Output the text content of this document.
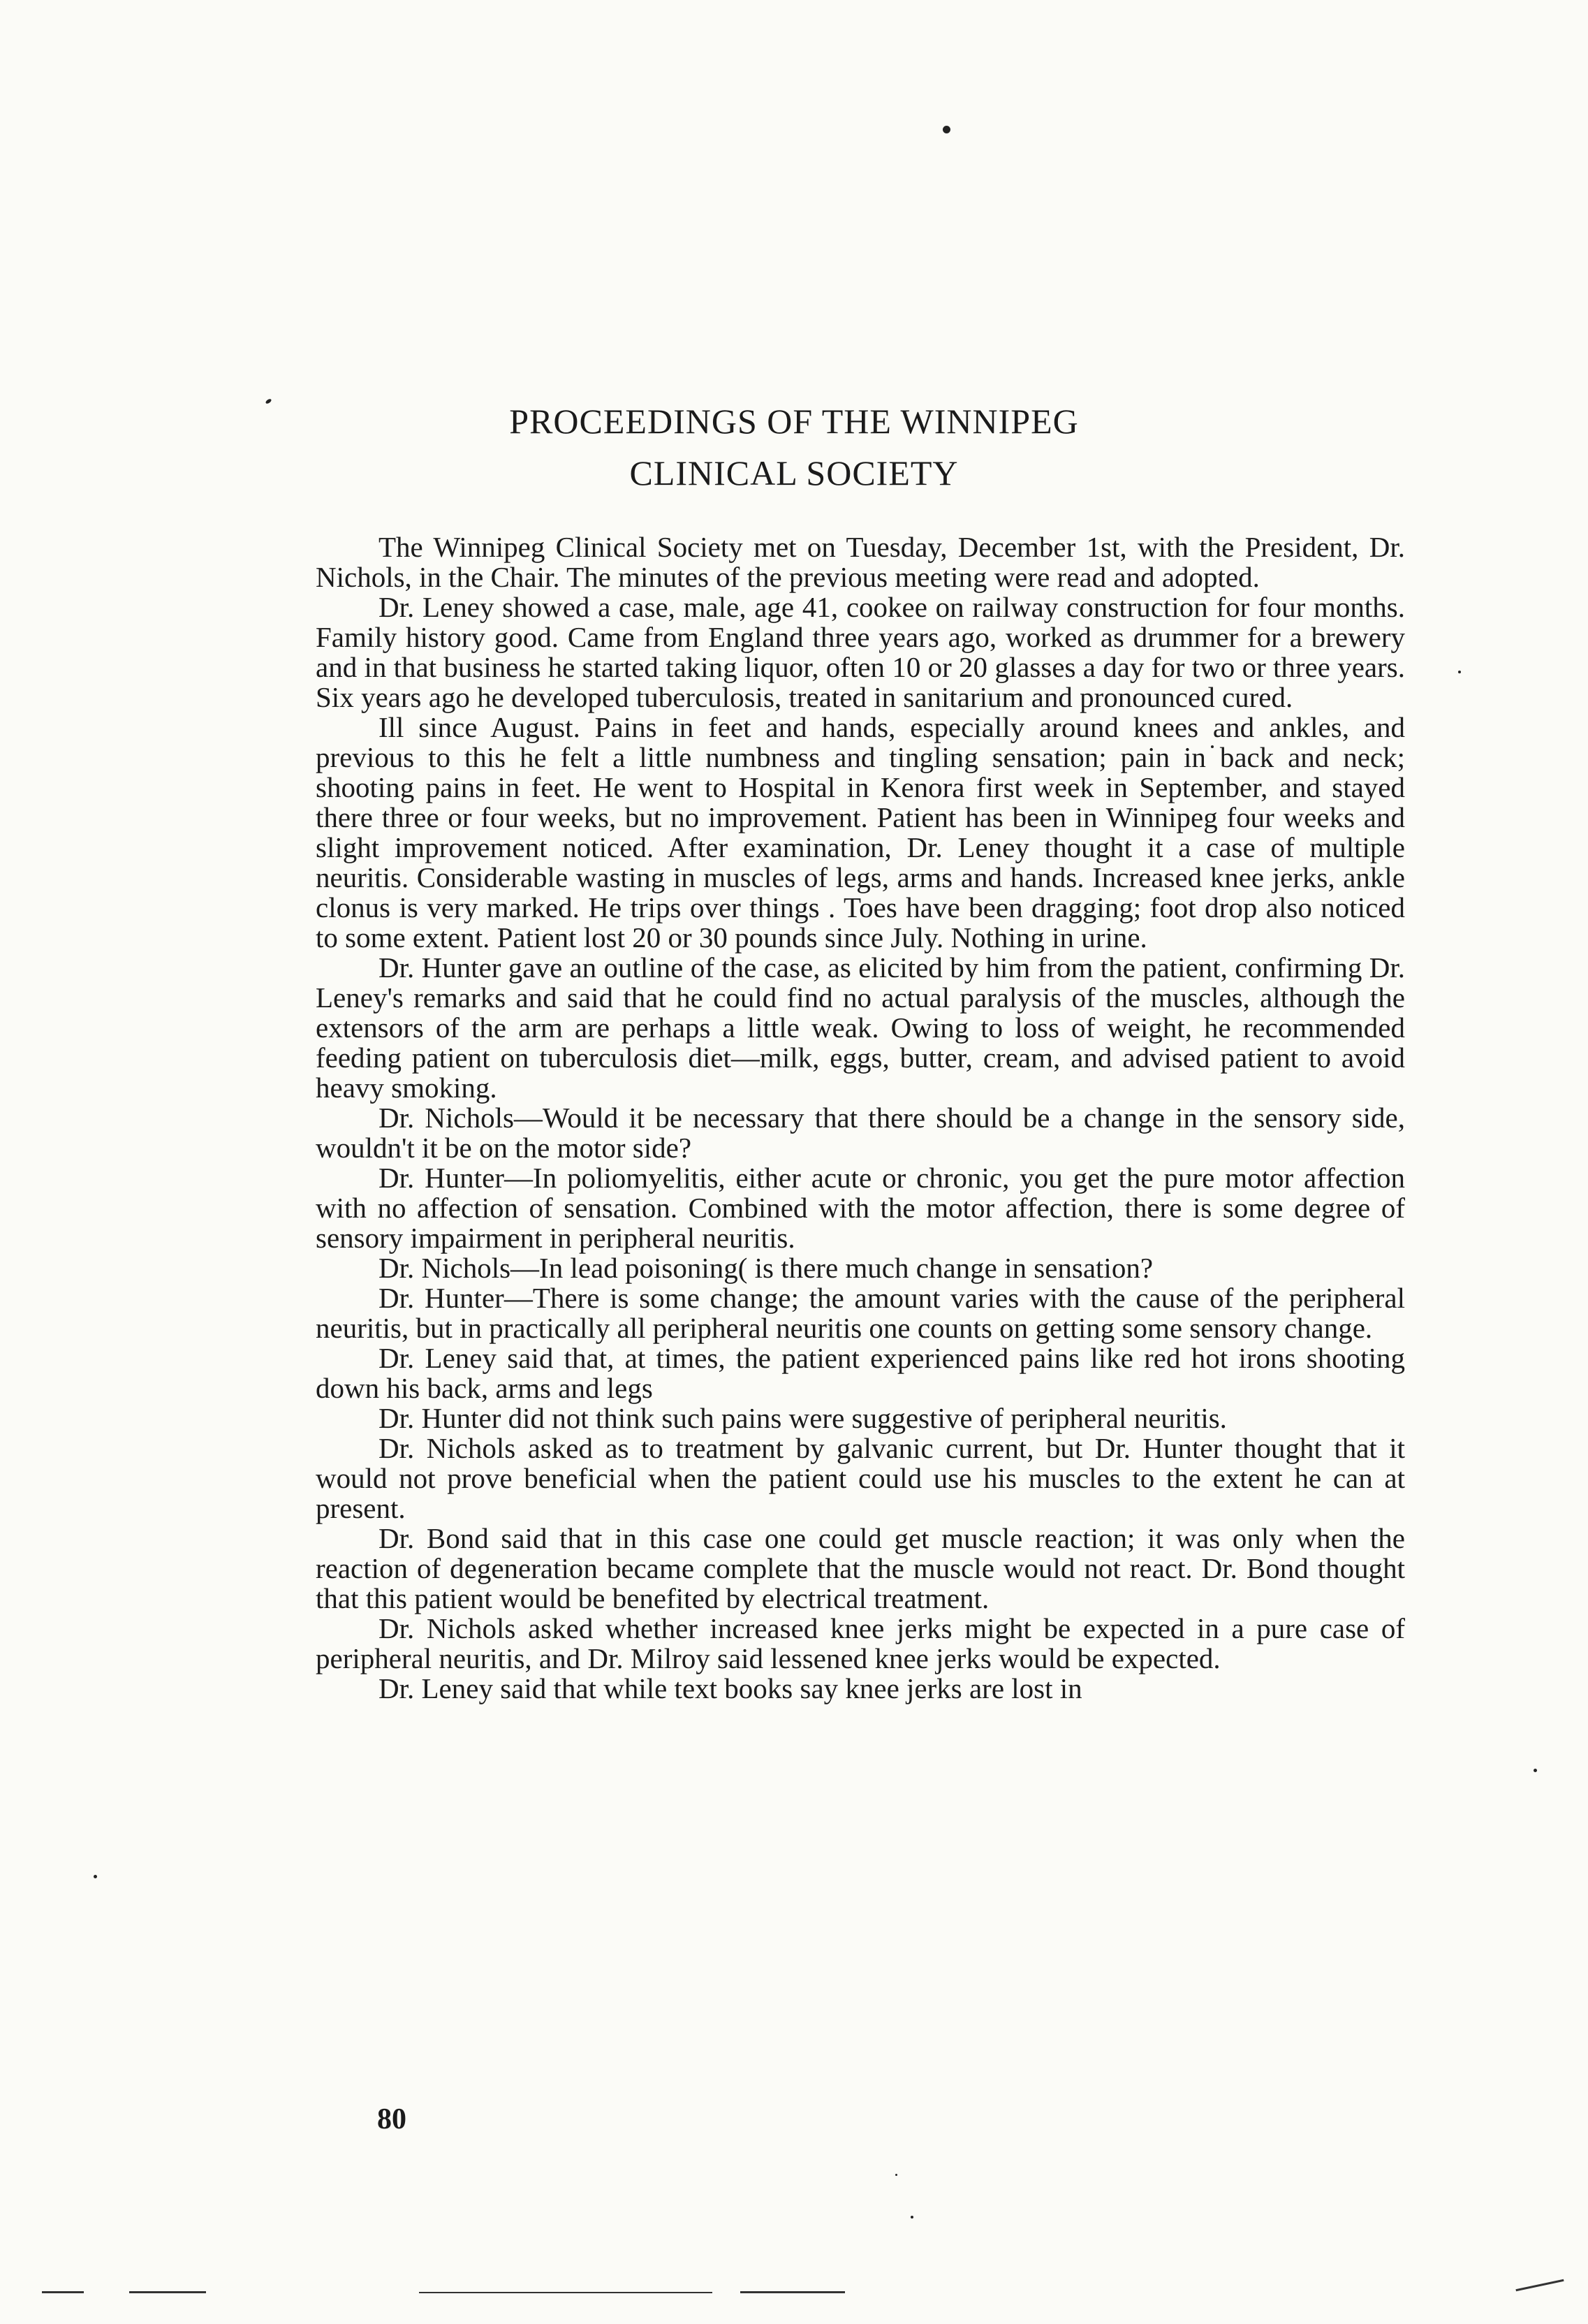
PROCEEDINGS OF THE WINNIPEG
CLINICAL SOCIETY

The Winnipeg Clinical Society met on Tuesday, December 1st, with the President, Dr. Nichols, in the Chair. The minutes of the previous meeting were read and adopted.

Dr. Leney showed a case, male, age 41, cookee on railway construction for four months. Family history good. Came from England three years ago, worked as drummer for a brewery and in that business he started taking liquor, often 10 or 20 glasses a day for two or three years. Six years ago he developed tuberculosis, treated in sanitarium and pronounced cured.

Ill since August. Pains in feet and hands, especially around knees and ankles, and previous to this he felt a little numbness and tingling sensation; pain in back and neck; shooting pains in feet. He went to Hospital in Kenora first week in September, and stayed there three or four weeks, but no improvement. Patient has been in Winnipeg four weeks and slight improvement noticed. After examination, Dr. Leney thought it a case of multiple neuritis. Considerable wasting in muscles of legs, arms and hands. Increased knee jerks, ankle clonus is very marked. He trips over things . Toes have been dragging; foot drop also noticed to some extent. Patient lost 20 or 30 pounds since July. Nothing in urine.

Dr. Hunter gave an outline of the case, as elicited by him from the patient, confirming Dr. Leney's remarks and said that he could find no actual paralysis of the muscles, although the extensors of the arm are perhaps a little weak. Owing to loss of weight, he recommended feeding patient on tuberculosis diet—milk, eggs, butter, cream, and advised patient to avoid heavy smoking.

Dr. Nichols—Would it be necessary that there should be a change in the sensory side, wouldn't it be on the motor side?

Dr. Hunter—In poliomyelitis, either acute or chronic, you get the pure motor affection with no affection of sensation. Combined with the motor affection, there is some degree of sensory impairment in peripheral neuritis.

Dr. Nichols—In lead poisoning( is there much change in sensation?

Dr. Hunter—There is some change; the amount varies with the cause of the peripheral neuritis, but in practically all peripheral neuritis one counts on getting some sensory change.

Dr. Leney said that, at times, the patient experienced pains like red hot irons shooting down his back, arms and legs

Dr. Hunter did not think such pains were suggestive of peripheral neuritis.

Dr. Nichols asked as to treatment by galvanic current, but Dr. Hunter thought that it would not prove beneficial when the patient could use his muscles to the extent he can at present.

Dr. Bond said that in this case one could get muscle reaction; it was only when the reaction of degeneration became complete that the muscle would not react. Dr. Bond thought that this patient would be benefited by electrical treatment.

Dr. Nichols asked whether increased knee jerks might be expected in a pure case of peripheral neuritis, and Dr. Milroy said lessened knee jerks would be expected.

Dr. Leney said that while text books say knee jerks are lost in

80
